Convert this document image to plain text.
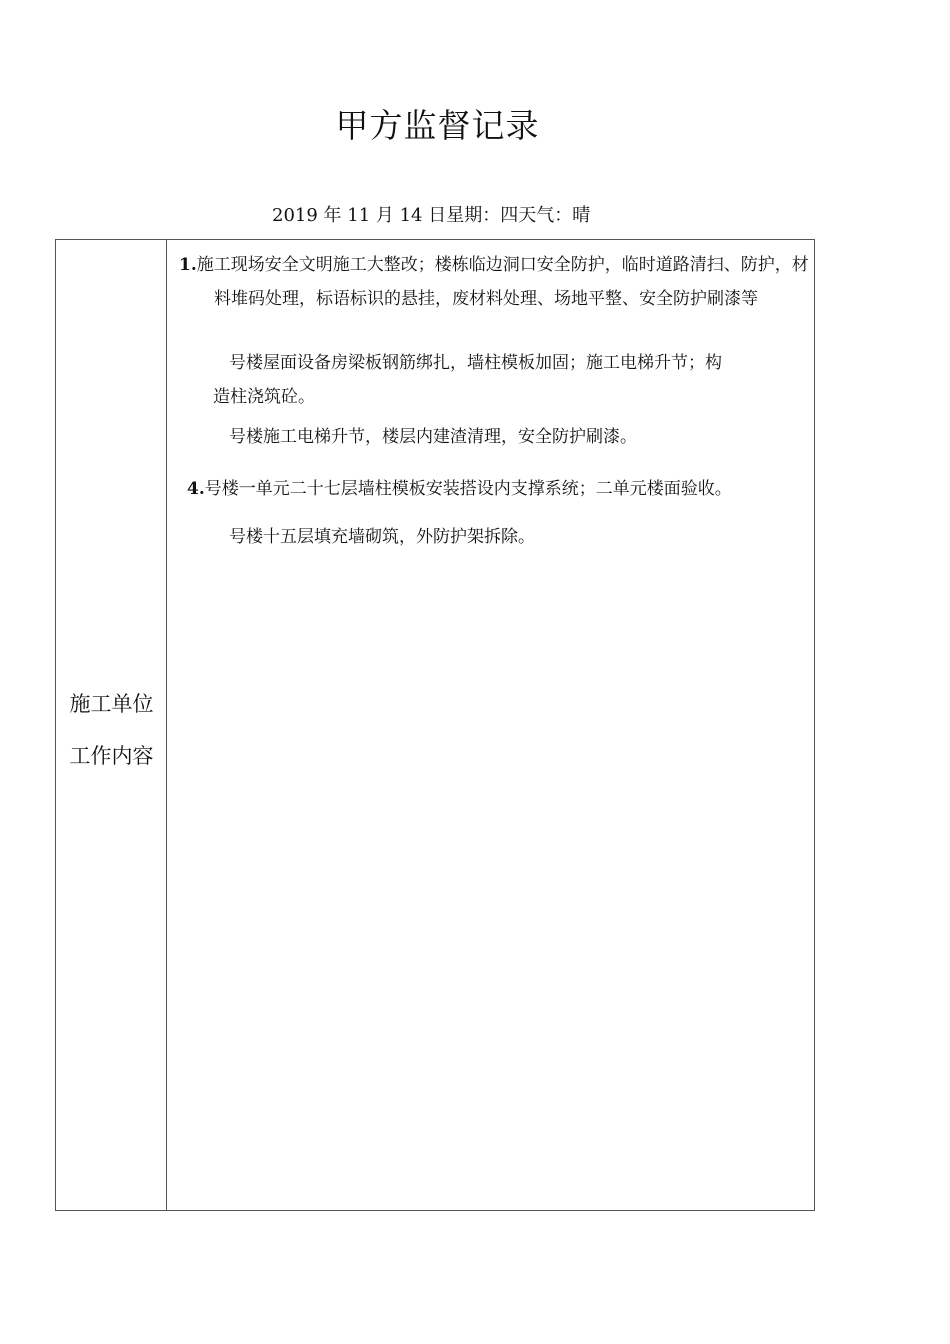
甲方监督记录
2019 年 11 月 14 日星期：四天气：晴
施工单位
工作内容
1.施工现场安全文明施工大整改；楼栋临边洞口安全防护，临时道路清扫、防护，材料堆码处理，标语标识的悬挂，废材料处理、场地平整、安全防护刷漆等
号楼屋面设备房梁板钢筋绑扎，墙柱模板加固；施工电梯升节；构
造柱浇筑砼。
号楼施工电梯升节，楼层内建渣清理，安全防护刷漆。
4.号楼一单元二十七层墙柱模板安装搭设内支撑系统；二单元楼面验收。
号楼十五层填充墙砌筑，外防护架拆除。
